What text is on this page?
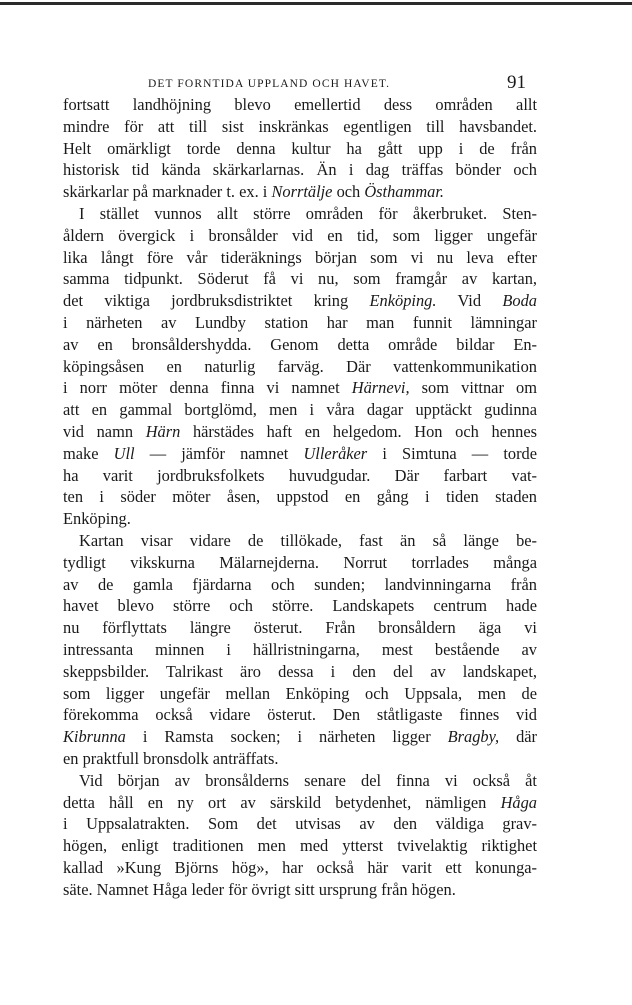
DET FORNTIDA UPPLAND OCH HAVET.	91
fortsatt landhöjning blevo emellertid dess områden allt
mindre för att till sist inskränkas egentligen till havsbandet.
Helt omärkligt torde denna kultur ha gått upp i de från
historisk tid kända skärkarlarnas. Än i dag träffas bönder och
skärkarlar på marknader t. ex. i Norrtälje och Östhammar.
I stället vunnos allt större områden för åkerbruket. Sten-
åldern övergick i bronsålder vid en tid, som ligger ungefär
lika långt före vår tideräknings början som vi nu leva efter
samma tidpunkt. Söderut få vi nu, som framgår av kartan,
det viktiga jordbruksdistriktet kring Enköping. Vid Boda
i närheten av Lundby station har man funnit lämningar
av en bronsåldershydda. Genom detta område bildar En-
köpingsåsen en naturlig farväg. Där vattenkommunikation
i norr möter denna finna vi namnet Härnevi, som vittnar om
att en gammal bortglömd, men i våra dagar upptäckt gudinna
vid namn Härn härstädes haft en helgedom. Hon och hennes
make Ull — jämför namnet Ulleråker i Simtuna — torde
ha varit jordbruksfolkets huvudgudar. Där farbart vat-
ten i söder möter åsen, uppstod en gång i tiden staden
Enköping.
Kartan visar vidare de tillökade, fast än så länge be-
tydligt vikskurna Mälarnejderna. Norrut torrlades många
av de gamla fjärdarna och sunden; landvinningarna från
havet blevo större och större. Landskapets centrum hade
nu förflyttats längre österut. Från bronsåldern äga vi
intressanta minnen i hällristningarna, mest bestående av
skeppsbilder. Talrikast äro dessa i den del av landskapet,
som ligger ungefär mellan Enköping och Uppsala, men de
förekomma också vidare österut. Den ståtligaste finnes vid
Kibrunna i Ramsta socken; i närheten ligger Bragby, där
en praktfull bronsdolk anträffats.
Vid början av bronsålderns senare del finna vi också åt
detta håll en ny ort av särskild betydenhet, nämligen Håga
i Uppsalatrakten. Som det utvisas av den väldiga grav-
högen, enligt traditionen men med ytterst tvivelaktig riktighet
kallad »Kung Björns hög», har också här varit ett konunga-
säte. Namnet Håga leder för övrigt sitt ursprung från högen.
